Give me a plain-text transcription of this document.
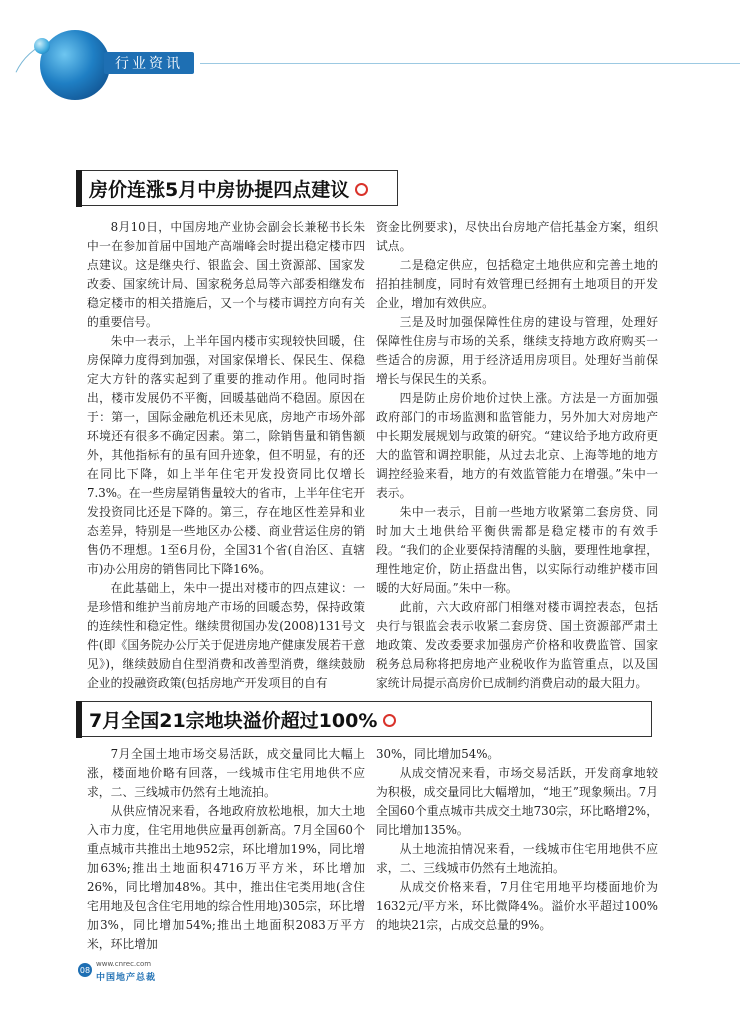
行业资讯
房价连涨5月中房协提四点建议

8月10日，中国房地产业协会副会长兼秘书长朱中一在参加首届中国地产高端峰会时提出稳定楼市四点建议。这是继央行、银监会、国土资源部、国家发改委、国家统计局、国家税务总局等六部委相继发布稳定楼市的相关措施后，又一个与楼市调控方向有关的重要信号。

朱中一表示，上半年国内楼市实现较快回暖，住房保障力度得到加强，对国家保增长、保民生、保稳定大方针的落实起到了重要的推动作用。他同时指出，楼市发展仍不平衡，回暖基础尚不稳固。原因在于：第一，国际金融危机还未见底，房地产市场外部环境还有很多不确定因素。第二，除销售量和销售额外，其他指标有的虽有回升迹象，但不明显，有的还在同比下降，如上半年住宅开发投资同比仅增长7.3%。在一些房屋销售量较大的省市，上半年住宅开发投资同比还是下降的。第三，存在地区性差异和业态差异，特别是一些地区办公楼、商业营运住房的销售仍不理想。1至6月份，全国31个省(自治区、直辖市)办公用房的销售同比下降16%。

在此基础上，朱中一提出对楼市的四点建议：一是珍惜和维护当前房地产市场的回暖态势，保持政策的连续性和稳定性。继续贯彻国办发(2008)131号文件(即《国务院办公厅关于促进房地产健康发展若干意见》)，继续鼓励自住型消费和改善型消费，继续鼓励企业的投融资政策(包括房地产开发项目的自有

资金比例要求)，尽快出台房地产信托基金方案，组织试点。

二是稳定供应，包括稳定土地供应和完善土地的招拍挂制度，同时有效管理已经拥有土地项目的开发企业，增加有效供应。

三是及时加强保障性住房的建设与管理，处理好保障性住房与市场的关系，继续支持地方政府购买一些适合的房源，用于经济适用房项目。处理好当前保增长与保民生的关系。

四是防止房价地价过快上涨。方法是一方面加强政府部门的市场监测和监管能力，另外加大对房地产中长期发展规划与政策的研究。“建议给予地方政府更大的监管和调控职能，从过去北京、上海等地的地方调控经验来看，地方的有效监管能力在增强。”朱中一表示。

朱中一表示，目前一些地方收紧第二套房贷、同时加大土地供给平衡供需都是稳定楼市的有效手段。“我们的企业要保持清醒的头脑，要理性地拿捏，理性地定价，防止捂盘出售，以实际行动维护楼市回暖的大好局面。”朱中一称。

此前，六大政府部门相继对楼市调控表态，包括央行与银监会表示收紧二套房贷、国土资源部严肃土地政策、发改委要求加强房产价格和收费监管、国家税务总局称将把房地产业税收作为监管重点，以及国家统计局提示高房价已成制约消费启动的最大阻力。

7月全国21宗地块溢价超过100%

7月全国土地市场交易活跃，成交量同比大幅上涨，楼面地价略有回落，一线城市住宅用地供不应求，二、三线城市仍然有土地流拍。

从供应情况来看，各地政府放松地根，加大土地入市力度，住宅用地供应量再创新高。7月全国60个重点城市共推出土地952宗，环比增加19%，同比增加63%;推出土地面积4716万平方米，环比增加26%，同比增加48%。其中，推出住宅类用地(含住宅用地及包含住宅用地的综合性用地)305宗，环比增加3%，同比增加54%;推出土地面积2083万平方米，环比增加

30%，同比增加54%。

从成交情况来看，市场交易活跃，开发商拿地较为积极，成交量同比大幅增加，“地王”现象频出。7月全国60个重点城市共成交土地730宗，环比略增2%，同比增加135%。

从土地流拍情况来看，一线城市住宅用地供不应求，二、三线城市仍然有土地流拍。

从成交价格来看，7月住宅用地平均楼面地价为1632元/平方米，环比微降4%。溢价水平超过100%的地块21宗，占成交总量的9%。

08
www.cnrec.com
中国地产总裁
